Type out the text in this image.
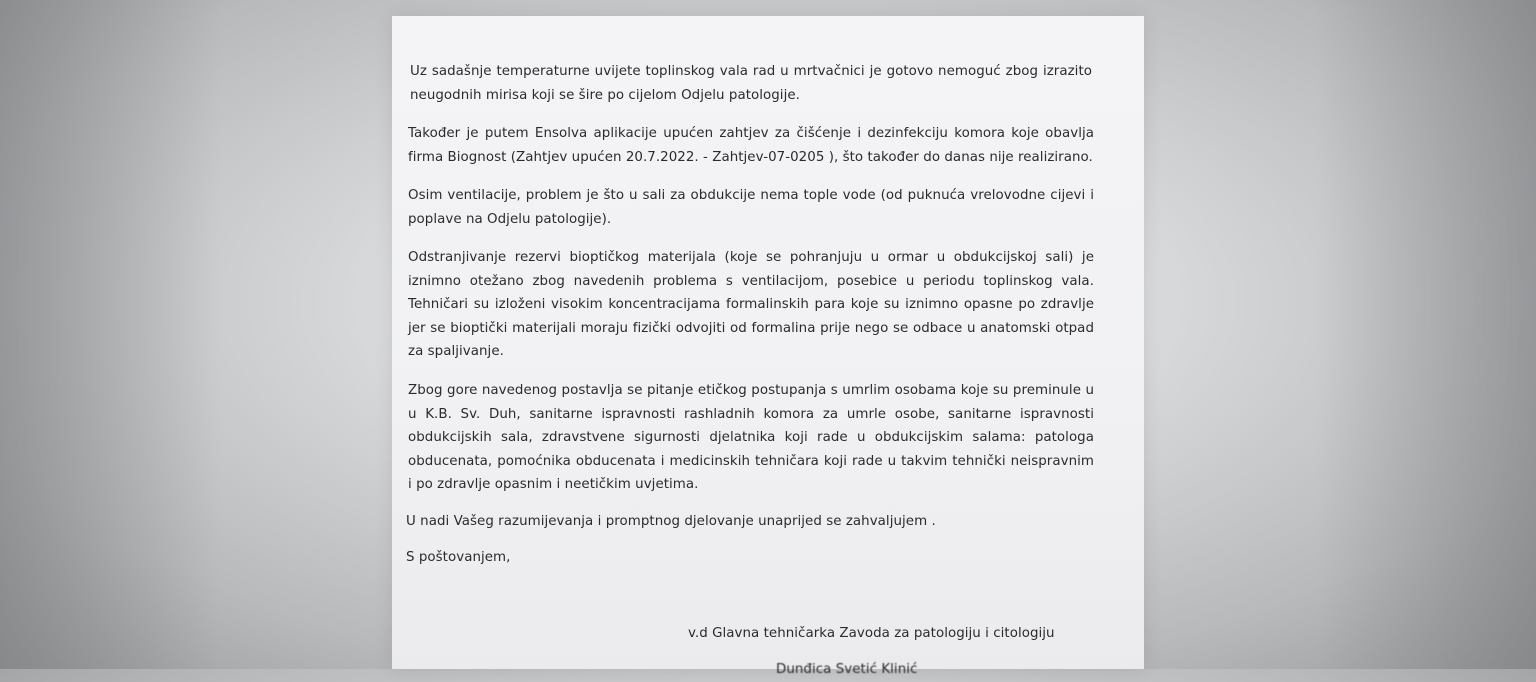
Uz sadašnje temperaturne uvijete toplinskog vala rad u mrtvačnici je gotovo nemoguć zbog izrazito neugodnih mirisa koji se šire po cijelom Odjelu patologije.

Također je putem Ensolva aplikacije upućen zahtjev za čišćenje i dezinfekciju komora koje obavlja firma Biognost (Zahtjev upućen 20.7.2022. - Zahtjev-07-0205 ), što također do danas nije realizirano.

Osim ventilacije, problem je što u sali za obdukcije nema tople vode (od puknuća vrelovodne cijevi i poplave na Odjelu patologije).

Odstranjivanje rezervi bioptičkog materijala (koje se pohranjuju u ormar u obdukcijskoj sali) je iznimno otežano zbog navedenih problema s ventilacijom, posebice u periodu toplinskog vala. Tehničari su izloženi visokim koncentracijama formalinskih para koje su iznimno opasne po zdravlje jer se bioptički materijali moraju fizički odvojiti od formalina prije nego se odbace u anatomski otpad za spaljivanje.

Zbog gore navedenog postavlja se pitanje etičkog postupanja s umrlim osobama koje su preminule u u K.B. Sv. Duh, sanitarne ispravnosti rashladnih komora za umrle osobe, sanitarne ispravnosti obdukcijskih sala, zdravstvene sigurnosti djelatnika koji rade u obdukcijskim salama: patologa obducenata, pomoćnika obducenata i medicinskih tehničara koji rade u takvim tehnički neispravnim i po zdravlje opasnim i neetičkim uvjetima.

U nadi Vašeg razumijevanja i promptnog djelovanje unaprijed se zahvaljujem .

S poštovanjem,

v.d Glavna tehničarka Zavoda za patologiju i citologiju

Dunđica Svetić Klinić
